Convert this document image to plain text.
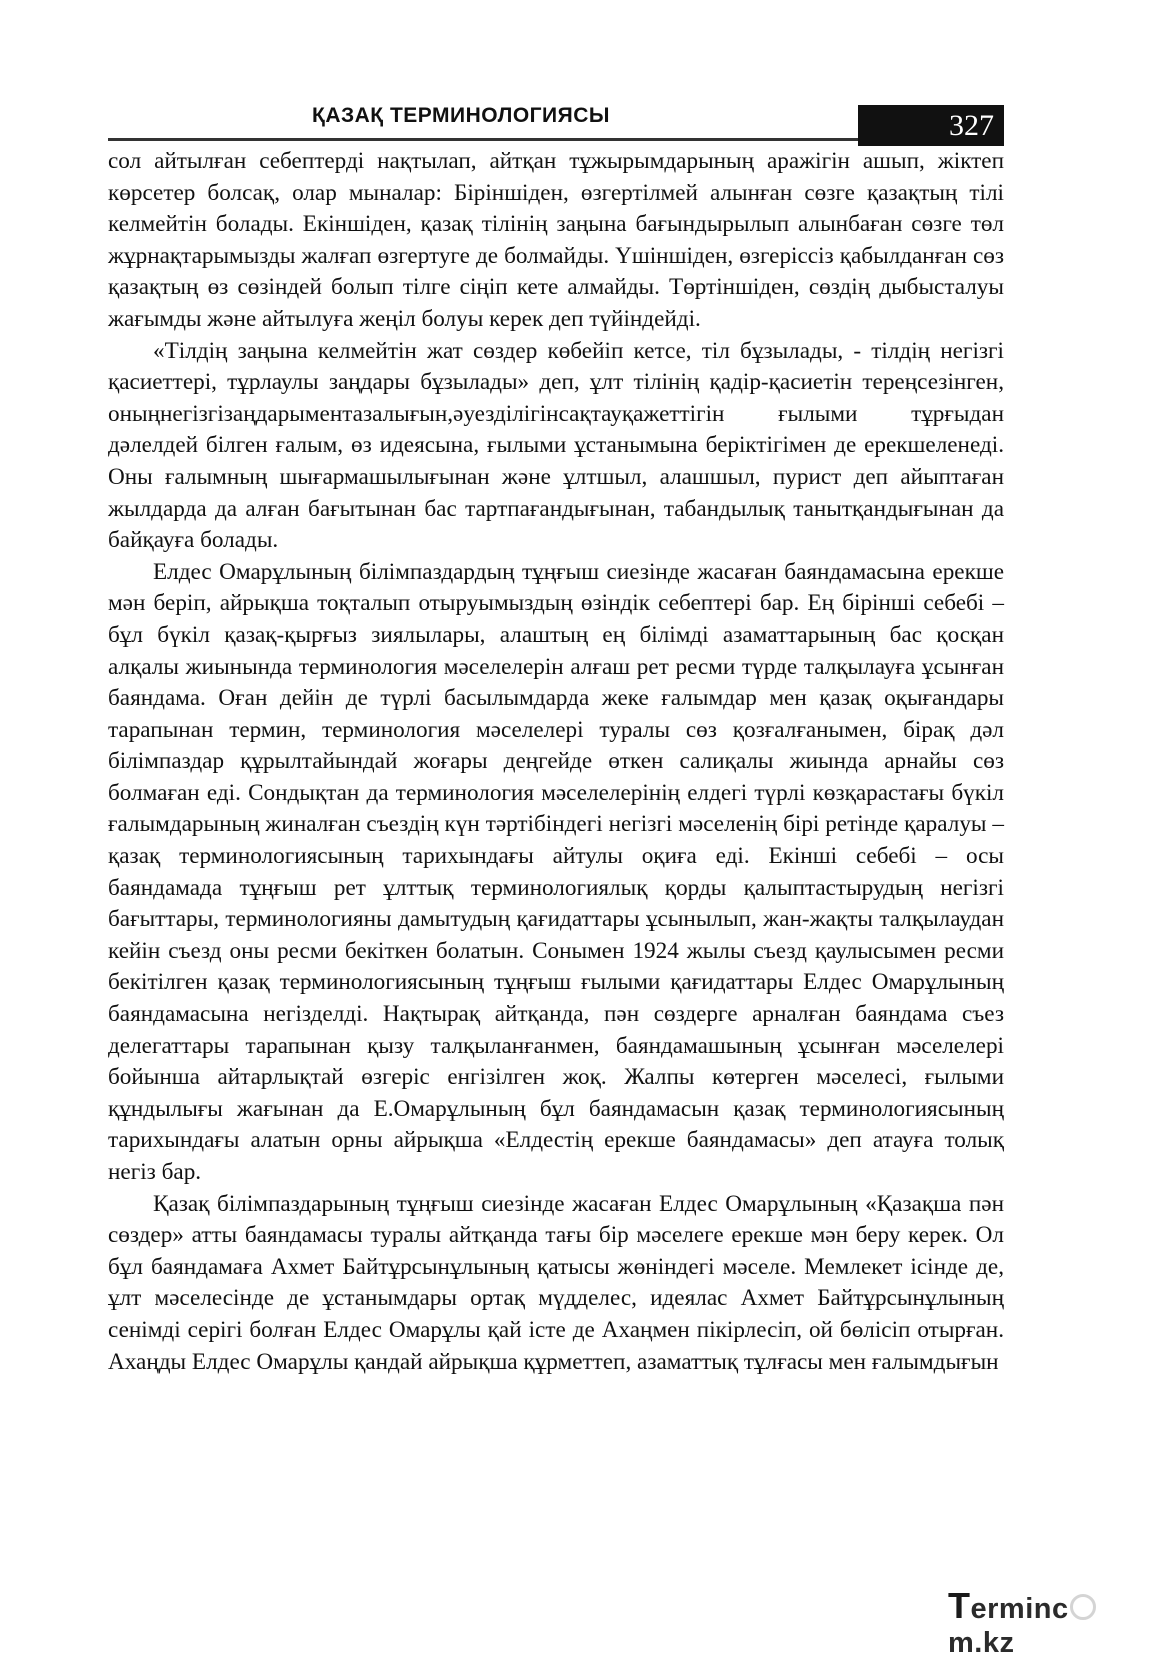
ҚАЗАҚ ТЕРМИНОЛОГИЯСЫ	327

сол айтылған себептерді нақтылап, айтқан тұжырымдарының аражігін ашып, жіктеп көрсетер болсақ, олар мыналар: Біріншіден, өзгертілмей алынған сөзге қазақтың тілі келмейтін болады. Екіншіден, қазақ тілінің заңына бағындырылып алынбаған сөзге төл жұрнақтарымызды жалғап өзгертуге де болмайды. Үшіншіден, өзгеріссіз қабылданған сөз қазақтың өз сөзіндей болып тілге сіңіп кете алмайды. Төртіншіден, сөздің дыбысталуы жағымды және айтылуға жеңіл болуы керек деп түйіндейді.

«Тілдің заңына келмейтін жат сөздер көбейіп кетсе, тіл бұзылады, - тілдің негізгі қасиеттері, тұрлаулы заңдары бұзылады» деп, ұлт тілінің қадір-қасиетін тереңсезінген, оныңнегізгізаңдарыментазалығын,әуезділігінсақтауқажеттігін ғылыми тұрғыдан дәлелдей білген ғалым, өз идеясына, ғылыми ұстанымына беріктігімен де ерекшеленеді. Оны ғалымның шығармашылығынан және ұлтшыл, алашшыл, пурист деп айыптаған жылдарда да алған бағытынан бас тартпағандығынан, табандылық танытқандығынан да байқауға болады.

Елдес Омарұлының білімпаздардың тұңғыш сиезінде жасаған баяндамасына ерекше мән беріп, айрықша тоқталып отыруымыздың өзіндік себептері бар. Ең бірінші себебі – бұл бүкіл қазақ-қырғыз зиялылары, алаштың ең білімді азаматтарының бас қосқан алқалы жиынында терминология мәселелерін алғаш рет ресми түрде талқылауға ұсынған баяндама. Оған дейін де түрлі басылымдарда жеке ғалымдар мен қазақ оқығандары тарапынан термин, терминология мәселелері туралы сөз қозғалғанымен, бірақ дәл білімпаздар құрылтайындай жоғары деңгейде өткен салиқалы жиында арнайы сөз болмаған еді. Сондықтан да терминология мәселелерінің елдегі түрлі көзқарастағы бүкіл ғалымдарының жиналған съездің күн тәртібіндегі негізгі мәселенің бірі ретінде қаралуы – қазақ терминологиясының тарихындағы айтулы оқиға еді. Екінші себебі – осы баяндамада тұңғыш рет ұлттық терминологиялық қорды қалыптастырудың негізгі бағыттары, терминологияны дамытудың қағидаттары ұсынылып, жан-жақты талқылаудан кейін съезд оны ресми бекіткен болатын. Сонымен 1924 жылы съезд қаулысымен ресми бекітілген қазақ терминологиясының тұңғыш ғылыми қағидаттары Елдес Омарұлының баяндамасына негізделді. Нақтырақ айтқанда, пән сөздерге арналған баяндама съез делегаттары тарапынан қызу талқыланғанмен, баяндамашының ұсынған мәселелері бойынша айтарлықтай өзгеріс енгізілген жоқ. Жалпы көтерген мәселесі, ғылыми құндылығы жағынан да Е.Омарұлының бұл баяндамасын қазақ терминологиясының тарихындағы алатын орны айрықша «Елдестің ерекше баяндамасы» деп атауға толық негіз бар.

Қазақ білімпаздарының тұңғыш сиезінде жасаған Елдес Омарұлының «Қазақша пән сөздер» атты баяндамасы туралы айтқанда тағы бір мәселеге ерекше мән беру керек. Ол бұл баяндамаға Ахмет Байтұрсынұлының қатысы жөніндегі мәселе. Мемлекет ісінде де, ұлт мәселесінде де ұстанымдары ортақ мүдделес, идеялас Ахмет Байтұрсынұлының сенімді серігі болған Елдес Омарұлы қай істе де Ахаңмен пікірлесіп, ой бөлісіп отырған. Ахаңды Елдес Омарұлы қандай айрықша құрметтеп, азаматтық тұлғасы мен ғалымдығын

Termincm.kz
